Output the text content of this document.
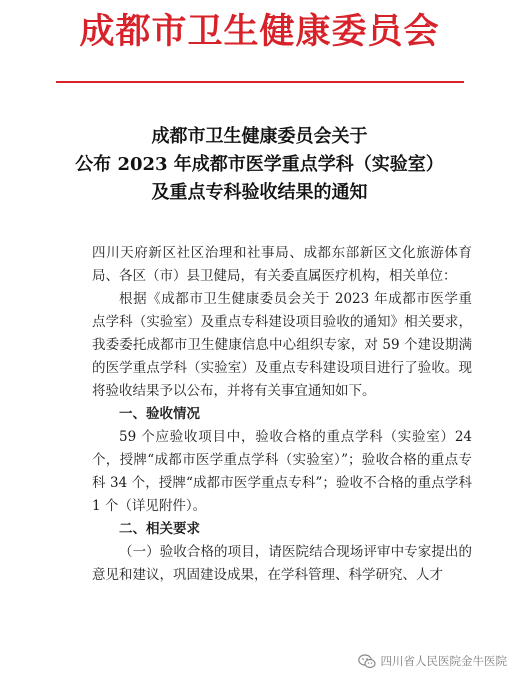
成都市卫生健康委员会
成都市卫生健康委员会关于
公布 2023 年成都市医学重点学科（实验室）
及重点专科验收结果的通知

四川天府新区社区治理和社事局、成都东部新区文化旅游体育局、各区（市）县卫健局，有关委直属医疗机构，相关单位：

根据《成都市卫生健康委员会关于 2023 年成都市医学重点学科（实验室）及重点专科建设项目验收的通知》相关要求，我委委托成都市卫生健康信息中心组织专家，对 59 个建设期满的医学重点学科（实验室）及重点专科建设项目进行了验收。现将验收结果予以公布，并将有关事宜通知如下。

一、验收情况

59 个应验收项目中，验收合格的重点学科（实验室）24 个，授牌“成都市医学重点学科（实验室）”；验收合格的重点专科 34 个，授牌“成都市医学重点专科”；验收不合格的重点学科 1 个（详见附件）。

二、相关要求

（一）验收合格的项目，请医院结合现场评审中专家提出的意见和建议，巩固建设成果，在学科管理、科学研究、人才

四川省人民医院金牛医院
